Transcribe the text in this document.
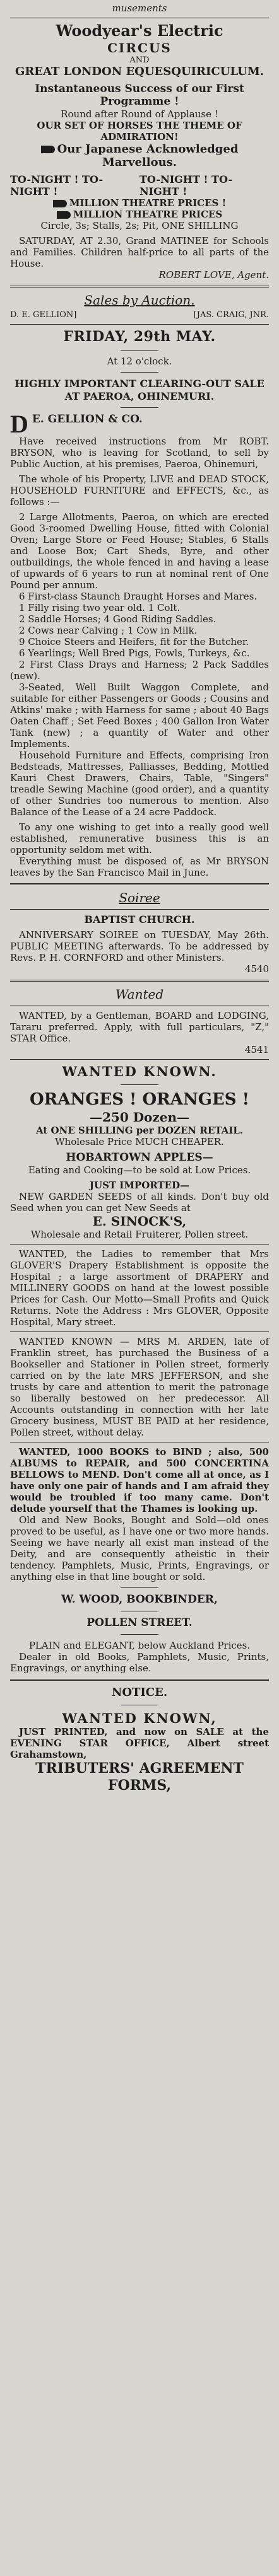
musements

Woodyear's Electric

CIRCUS

AND

GREAT LONDON EQUESQUIRICULUM.

Instantaneous Success of our First Programme !

Round after Round of Applause !

OUR SET OF HORSES THE THEME OF ADMIRATION!

Our Japanese Acknowledged Marvellous.

TO-NIGHT ! TO-NIGHT !
TO-NIGHT ! TO-NIGHT !

MILLION THEATRE PRICES !

MILLION THEATRE PRICES

Circle, 3s; Stalls, 2s; Pit, ONE SHILLING

SATURDAY, AT 2.30, Grand MATINEE for Schools and Families. Children half-price to all parts of the House.

ROBERT LOVE, Agent.

Sales by Auction.

D. E. GELLION]	[JAS. CRAIG, JNR.

FRIDAY, 29th MAY.

At 12 o'clock.

HIGHLY IMPORTANT CLEARING-OUT SALE AT PAEROA, OHINEMURI.

D E. GELLION & CO.

Have received instructions from Mr ROBT. BRYSON, who is leaving for Scotland, to sell by Public Auction, at his premises, Paeroa, Ohinemuri,

The whole of his Property, LIVE and DEAD STOCK, HOUSEHOLD FURNITURE and EFFECTS, &c., as follows :—

2 Large Allotments, Paeroa, on which are erected Good 3-roomed Dwelling House, fitted with Colonial Oven; Large Store or Feed House; Stables, 6 Stalls and Loose Box; Cart Sheds, Byre, and other outbuildings, the whole fenced in and having a lease of upwards of 6 years to run at nominal rent of One Pound per annum.

6 First-class Staunch Draught Horses and Mares.

1 Filly rising two year old. 1 Colt.

2 Saddle Horses; 4 Good Riding Saddles.

2 Cows near Calving ; 1 Cow in Milk.

9 Choice Steers and Heifers, fit for the Butcher.

6 Yearlings; Well Bred Pigs, Fowls, Turkeys, &c.

2 First Class Drays and Harness; 2 Pack Saddles (new).

3-Seated, Well Built Waggon Complete, and suitable for either Passengers or Goods ; Cousins and Atkins' make ; with Harness for same ; about 40 Bags Oaten Chaff ; Set Feed Boxes ; 400 Gallon Iron Water Tank (new) ; a quantity of Water and other Implements.

Household Furniture and Effects, comprising Iron Bedsteads, Mattresses, Palliasses, Bedding, Mottled Kauri Chest Drawers, Chairs, Table, "Singers" treadle Sewing Machine (good order), and a quantity of other Sundries too numerous to mention. Also Balance of the Lease of a 24 acre Paddock.

To any one wishing to get into a really good well established, remunerative business this is an opportunity seldom met with.

Everything must be disposed of, as Mr BRYSON leaves by the San Francisco Mail in June.

Soiree

BAPTIST CHURCH.

ANNIVERSARY SOIREE on TUESDAY, May 26th. PUBLIC MEETING afterwards. To be addressed by Revs. P. H. CORNFORD and other Ministers.

4540

Wanted

WANTED, by a Gentleman, BOARD and LODGING, Tararu preferred. Apply, with full particulars, "Z," STAR Office.

4541

WANTED KNOWN.

ORANGES ! ORANGES !

—250 Dozen—

At ONE SHILLING per DOZEN RETAIL.

Wholesale Price MUCH CHEAPER.

HOBARTOWN APPLES—

Eating and Cooking—to be sold at Low Prices.

JUST IMPORTED—

NEW GARDEN SEEDS of all kinds. Don't buy old Seed when you can get New Seeds at

E. SINOCK'S,

Wholesale and Retail Fruiterer, Pollen street.

WANTED, the Ladies to remember that Mrs GLOVER'S Drapery Establishment is opposite the Hospital ; a large assortment of DRAPERY and MILLINERY GOODS on hand at the lowest possible Prices for Cash. Our Motto—Small Profits and Quick Returns. Note the Address : Mrs GLOVER, Opposite Hospital, Mary street.

WANTED KNOWN — MRS M. ARDEN, late of Franklin street, has purchased the Business of a Bookseller and Stationer in Pollen street, formerly carried on by the late MRS JEFFERSON, and she trusts by care and attention to merit the patronage so liberally bestowed on her predecessor. All Accounts outstanding in connection with her late Grocery business, MUST BE PAID at her residence, Pollen street, without delay.

WANTED, 1000 BOOKS to BIND ; also, 500 ALBUMS to REPAIR, and 500 CONCERTINA BELLOWS to MEND. Don't come all at once, as I have only one pair of hands and I am afraid they would be troubled if too many came. Don't delude yourself that the Thames is looking up.

Old and New Books, Bought and Sold—old ones proved to be useful, as I have one or two more hands. Seeing we have nearly all exist man instead of the Deity, and are consequently atheistic in their tendency. Pamphlets, Music, Prints, Engravings, or anything else in that line bought or sold.

W. WOOD, BOOKBINDER,

POLLEN STREET.

PLAIN and ELEGANT, below Auckland Prices.

Dealer in old Books, Pamphlets, Music, Prints, Engravings, or anything else.

NOTICE.

WANTED KNOWN,

JUST PRINTED, and now on SALE at the EVENING STAR OFFICE, Albert street Grahamstown,

TRIBUTERS' AGREEMENT FORMS,
